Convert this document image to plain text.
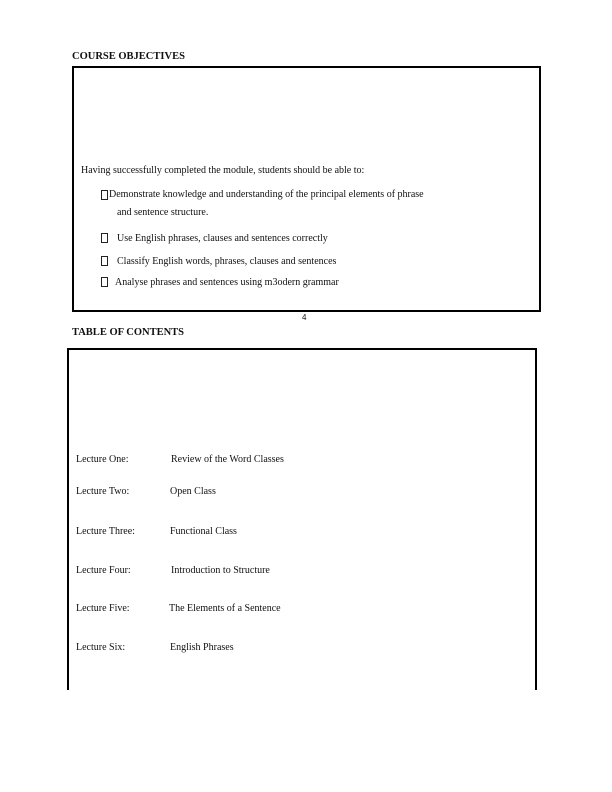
COURSE OBJECTIVES
Having successfully completed the module, students should be able to:
Demonstrate knowledge and understanding of the principal elements of phrase
and sentence structure.
Use English phrases, clauses and sentences correctly
Classify English words, phrases, clauses and sentences
Analyse phrases and sentences using m3odern grammar
4
TABLE OF CONTENTS
Lecture One:	Review of the Word Classes
Lecture Two:	Open Class
Lecture Three:	Functional Class
Lecture Four:	Introduction to Structure
Lecture Five:	The Elements of a Sentence
Lecture Six:	English Phrases
